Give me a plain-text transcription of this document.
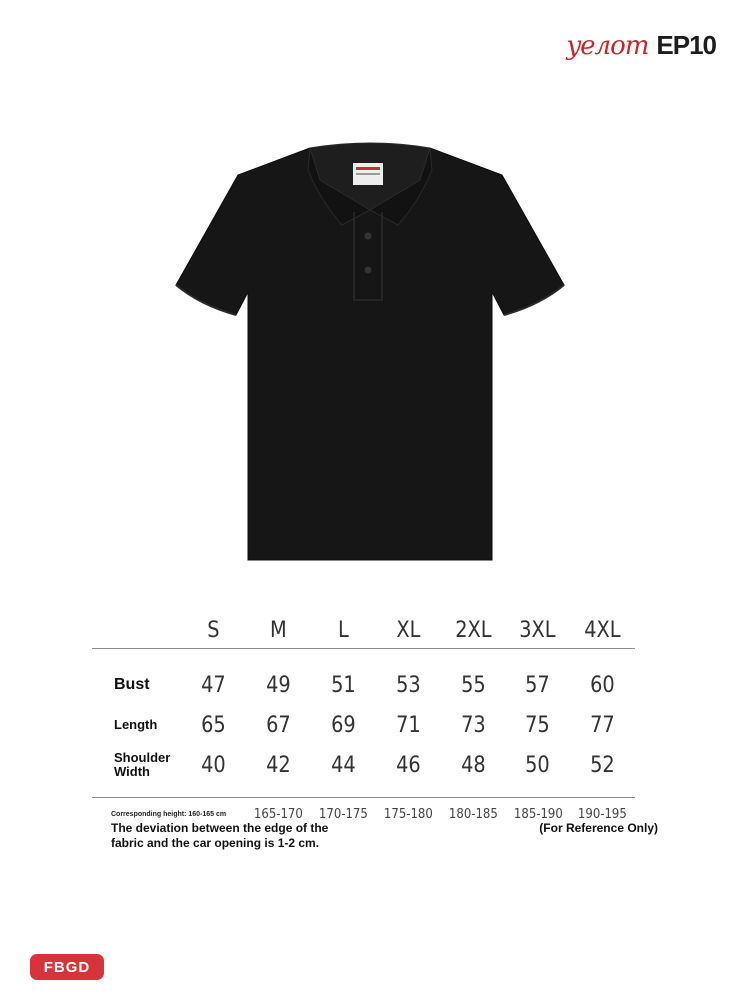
yeлoт EP10
S	M	L	XL	2XL	3XL	4XL
Bust	47	49	51	53	55	57	60
Length	65	67	69	71	73	75	77
Shoulder Width	40	42	44	46	48	50	52
Corresponding height: 160-165 cm	165-170	170-175	175-180	180-185	185-190	190-195
The deviation between the edge of the fabric and the car opening is 1-2 cm.
(For Reference Only)
FBGD
